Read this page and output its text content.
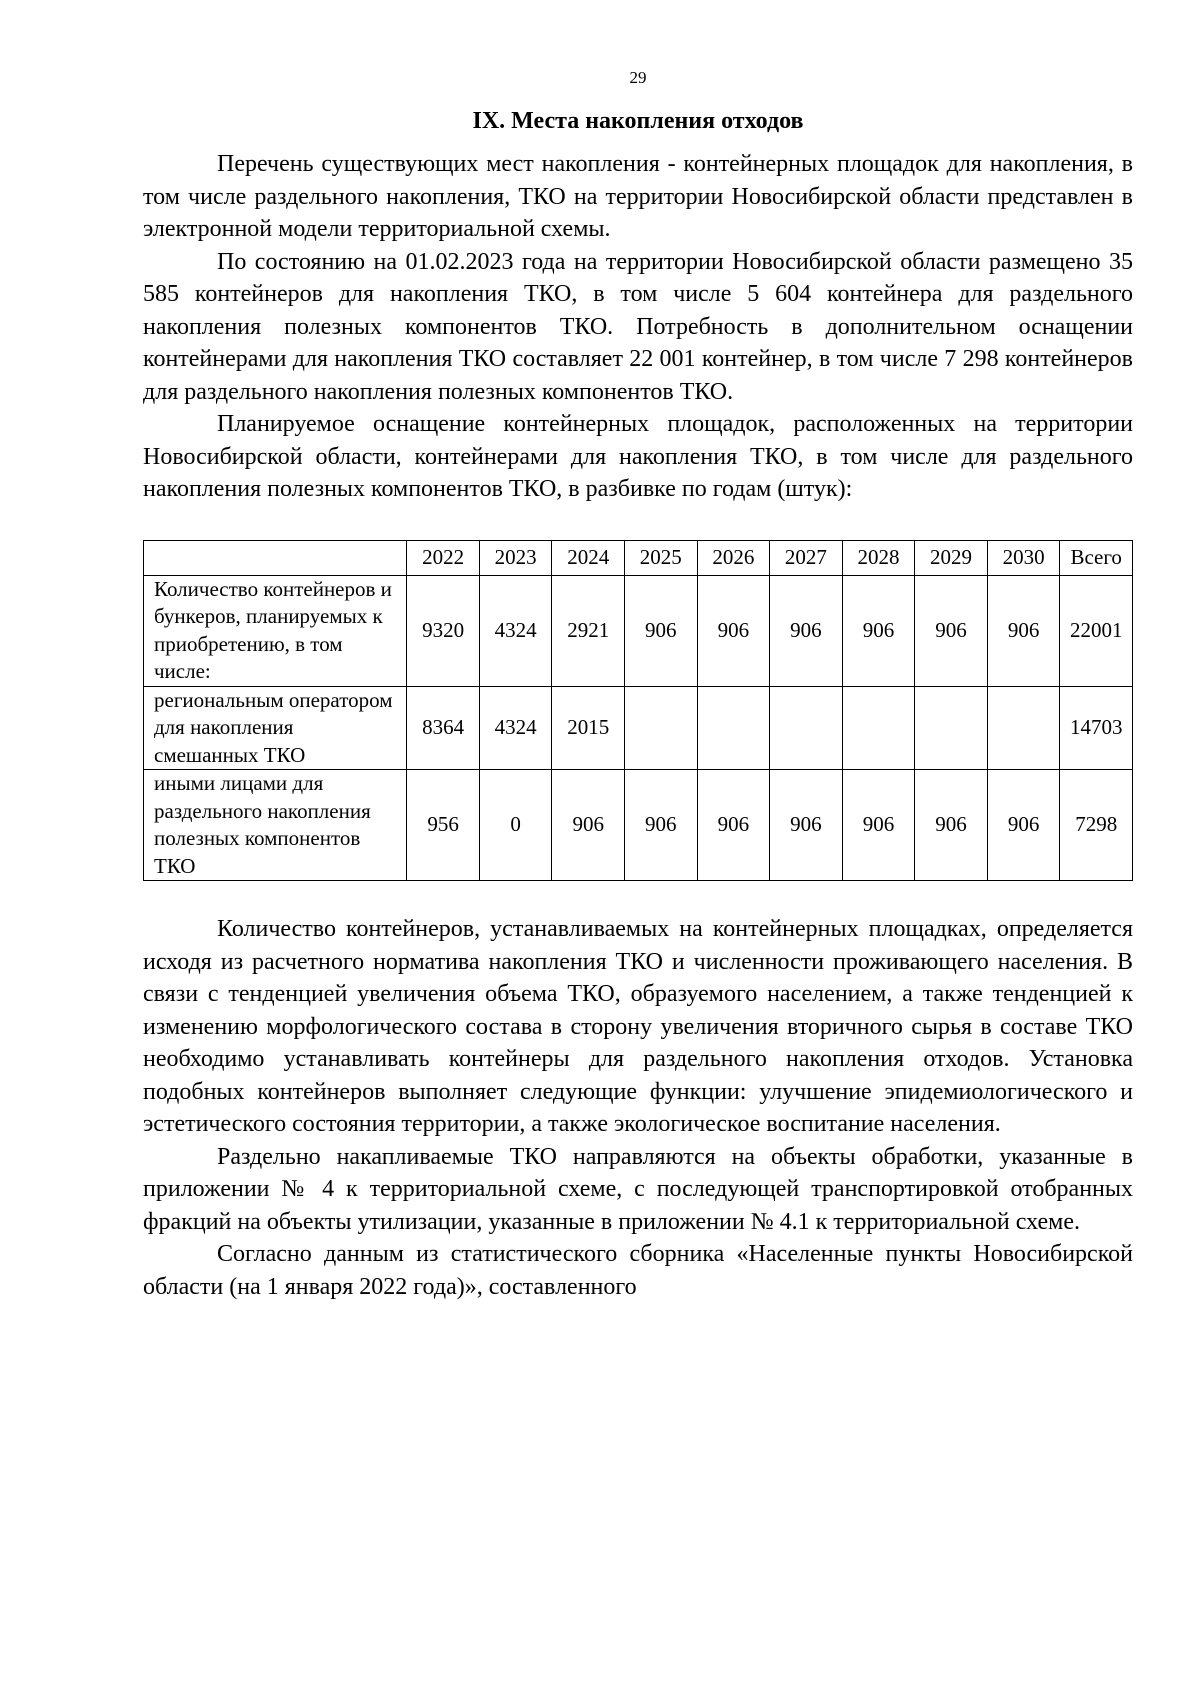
29
IX. Места накопления отходов

Перечень существующих мест накопления - контейнерных площадок для накопления, в том числе раздельного накопления, ТКО на территории Новосибирской области представлен в электронной модели территориальной схемы.

По состоянию на 01.02.2023 года на территории Новосибирской области размещено 35 585 контейнеров для накопления ТКО, в том числе 5 604 контейнера для раздельного накопления полезных компонентов ТКО. Потребность в дополнительном оснащении контейнерами для накопления ТКО составляет 22 001 контейнер, в том числе 7 298 контейнеров для раздельного накопления полезных компонентов ТКО.

Планируемое оснащение контейнерных площадок, расположенных на территории Новосибирской области, контейнерами для накопления ТКО, в том числе для раздельного накопления полезных компонентов ТКО, в разбивке по годам (штук):

	2022	2023	2024	2025	2026	2027	2028	2029	2030	Всего
Количество контейнеров и бункеров, планируемых к приобретению, в том числе:	9320	4324	2921	906	906	906	906	906	906	22001
региональным оператором для накопления смешанных ТКО	8364	4324	2015							14703
иными лицами для раздельного накопления полезных компонентов ТКО	956	0	906	906	906	906	906	906	906	7298

Количество контейнеров, устанавливаемых на контейнерных площадках, определяется исходя из расчетного норматива накопления ТКО и численности проживающего населения. В связи с тенденцией увеличения объема ТКО, образуемого населением, а также тенденцией к изменению морфологического состава в сторону увеличения вторичного сырья в составе ТКО необходимо устанавливать контейнеры для раздельного накопления отходов. Установка подобных контейнеров выполняет следующие функции: улучшение эпидемиологического и эстетического состояния территории, а также экологическое воспитание населения.

Раздельно накапливаемые ТКО направляются на объекты обработки, указанные в приложении № 4 к территориальной схеме, с последующей транспортировкой отобранных фракций на объекты утилизации, указанные в приложении № 4.1 к территориальной схеме.

Согласно данным из статистического сборника «Населенные пункты Новосибирской области (на 1 января 2022 года)», составленного
